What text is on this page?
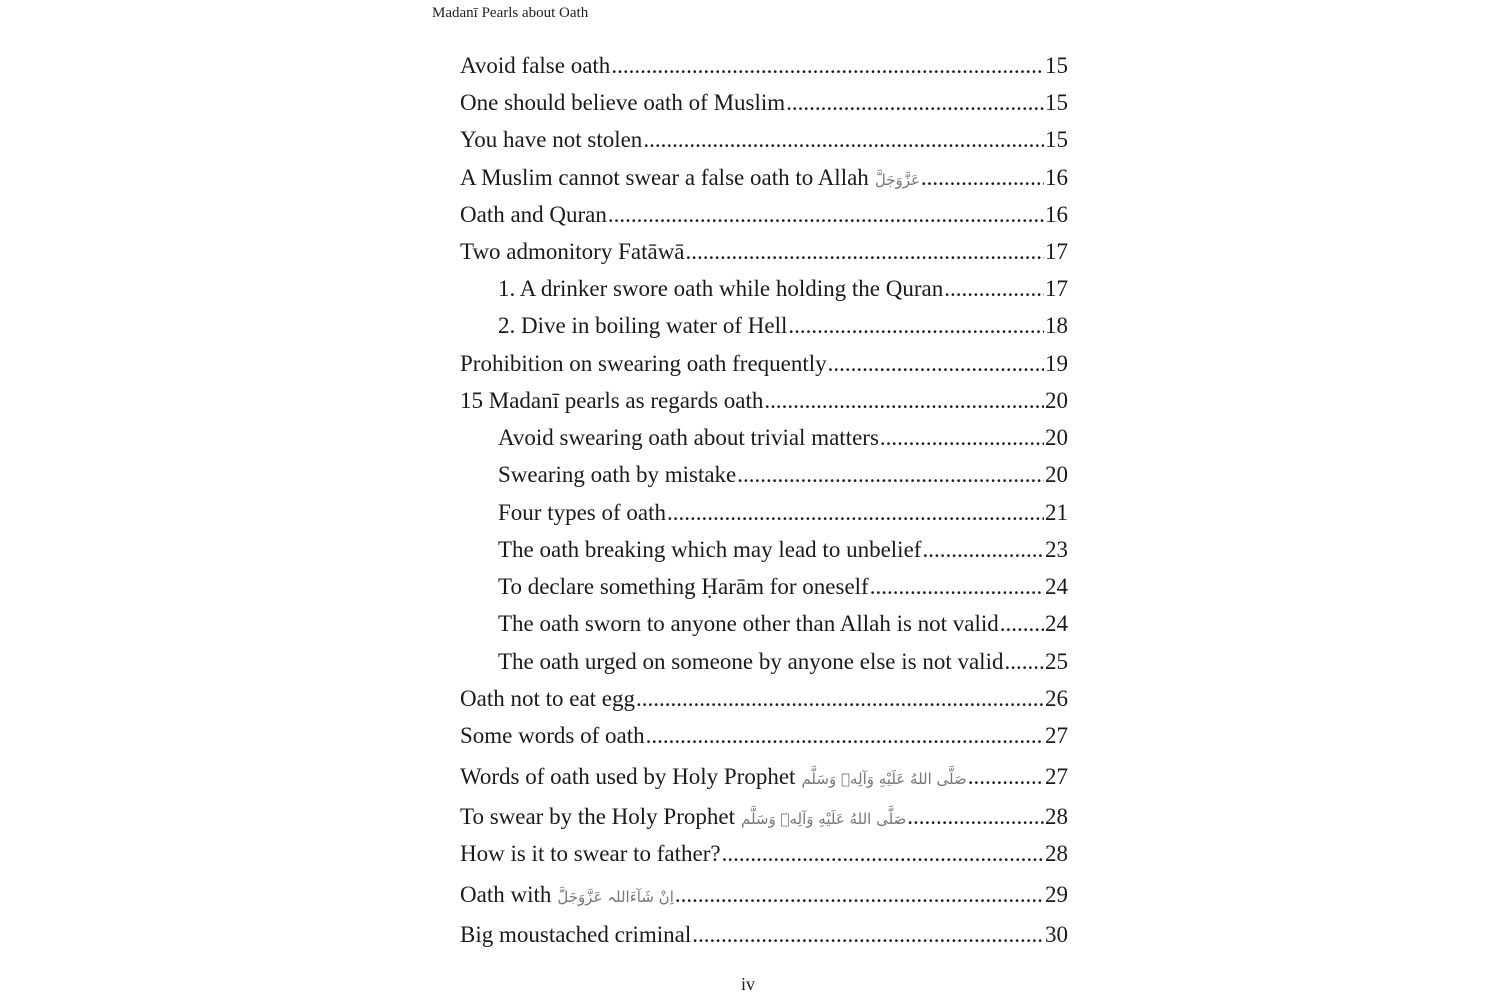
Madanī Pearls about Oath
Avoid false oath .....	15
One should believe oath of Muslim .....	15
You have not stolen .....	15
A Muslim cannot swear a false oath to Allah عَزَّوَجَلَّ .....	16
Oath and Quran .....	16
Two admonitory Fatāwā .....	17
1. A drinker swore oath while holding the Quran .....	17
2. Dive in boiling water of Hell .....	18
Prohibition on swearing oath frequently .....	19
15 Madanī pearls as regards oath .....	20
Avoid swearing oath about trivial matters .....	20
Swearing oath by mistake .....	20
Four types of oath .....	21
The oath breaking which may lead to unbelief .....	23
To declare something Ḥarām for oneself .....	24
The oath sworn to anyone other than Allah is not valid ..... 24
The oath urged on someone by anyone else is not valid ..... 25
Oath not to eat egg .....	26
Some words of oath .....	27
Words of oath used by Holy Prophet صَلَّى اللهُ عَلَيْهِ وَآلِهٖ وَسَلَّم .....	27
To swear by the Holy Prophet صَلَّى اللهُ عَلَيْهِ وَآلِهٖ وَسَلَّم .....	28
How is it to swear to father? .....	28
Oath with اِنْ شَآءَاللہ عَزَّوَجَلَّ .....	29
Big moustached criminal .....	30
iv
